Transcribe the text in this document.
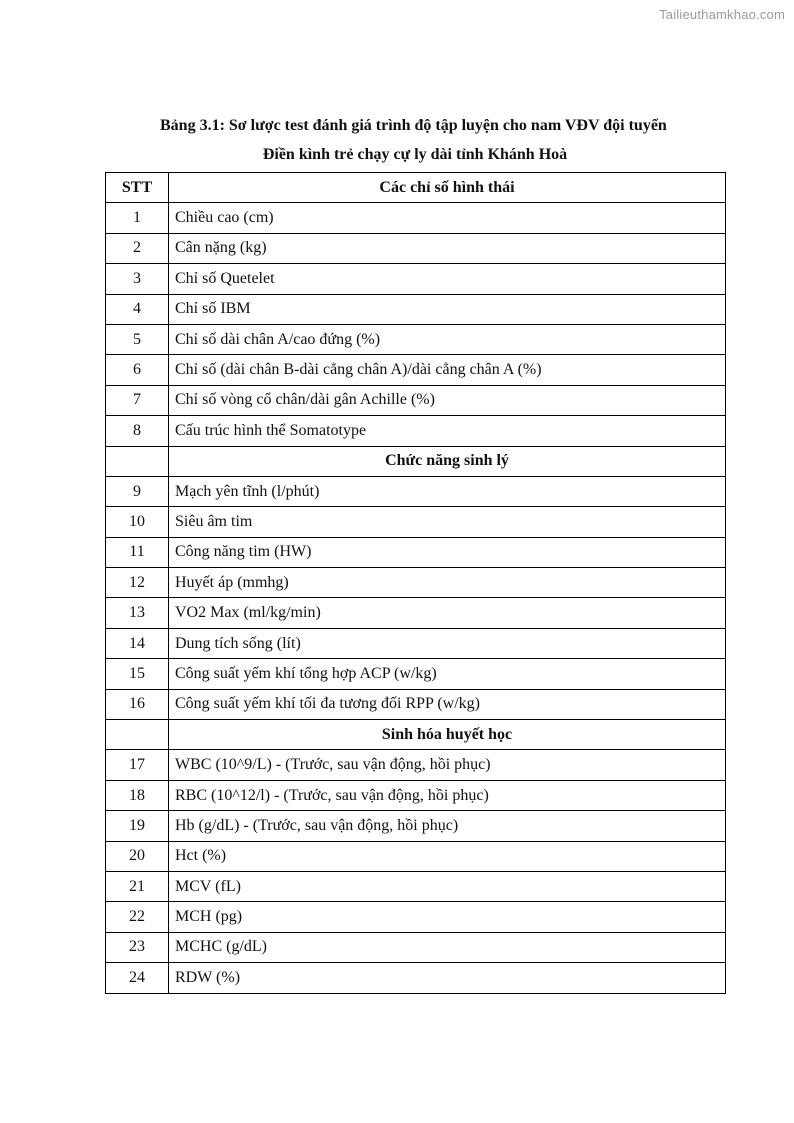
Tailieuthamkhao.com
Bảng 3.1: Sơ lược test đánh giá trình độ tập luyện cho nam VĐV đội tuyển
Điền kình trẻ chạy cự ly dài tỉnh Khánh Hoà
STT	Các chỉ số hình thái
1	Chiều cao (cm)
2	Cân nặng (kg)
3	Chỉ số Quetelet
4	Chỉ số IBM
5	Chỉ số dài chân A/cao đứng (%)
6	Chỉ số (dài chân B-dài cẳng chân A)/dài cẳng chân A (%)
7	Chỉ số vòng cổ chân/dài gân Achille (%)
8	Cấu trúc hình thể Somatotype
	Chức năng sinh lý
9	Mạch yên tĩnh (l/phút)
10	Siêu âm tim
11	Công năng tim (HW)
12	Huyết áp (mmhg)
13	VO2 Max (ml/kg/min)
14	Dung tích sống (lít)
15	Công suất yếm khí tổng hợp ACP (w/kg)
16	Công suất yếm khí tối đa tương đối RPP (w/kg)
	Sinh hóa huyết học
17	WBC (10^9/L) - (Trước, sau vận động, hồi phục)
18	RBC (10^12/l) - (Trước, sau vận động, hồi phục)
19	Hb (g/dL) - (Trước, sau vận động, hồi phục)
20	Hct (%)
21	MCV (fL)
22	MCH (pg)
23	MCHC (g/dL)
24	RDW (%)
